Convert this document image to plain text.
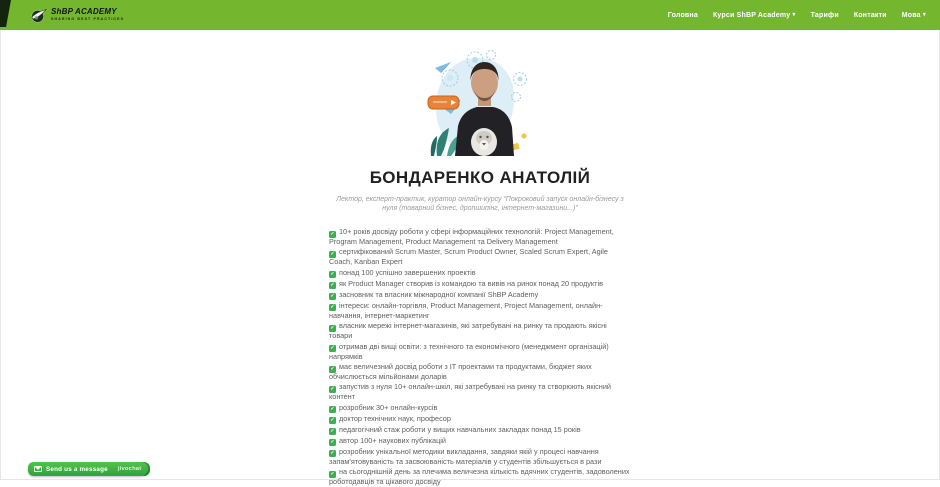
ShBP ACADEMY
SHARING BEST PRACTICES
Головна Курси ShBP Academy ▾ Тарифи Контакти Мова ▾
БОНДАРЕНКО АНАТОЛІЙ
Лектор, експерт-практик, куратор онлайн-курсу “Покроковий запуск онлайн-бізнесу з нуля (товарний бізнес, дропшипінг, інтернет-магазини...)”
✓10+ років досвіду роботи у сфері інформаційних технологій: Project Management, Program Management, Product Management та Delivery Management
✓сертифікований Scrum Master, Scrum Product Owner, Scaled Scrum Expert, Agile Coach, Kanban Expert
✓понад 100 успішно завершених проектів
✓як Product Manager створив із командою та вивів на ринок понад 20 продуктів
✓засновник та власник міжнародної компанії ShBP Academy
✓інтереси: онлайн-торгівля, Product Management, Project Management, онлайн-навчання, інтернет-маркетинг
✓власник мережі інтернет-магазинів, які затребувані на ринку та продають якісні товари
✓отримав дві вищі освіти: з технічного та економічного (менеджмент організацій) напрямків
✓має величезний досвід роботи з ІТ проектами та продуктами, бюджет яких обчислюється мільйонами доларів
✓запустив з нуля 10+ онлайн-шкіл, які затребувані на ринку та створюють якісний контент
✓розробник 30+ онлайн-курсів
✓доктор технічних наук, професор
✓педагогічний стаж роботи у вищих навчальних закладах понад 15 років
✓автор 100+ наукових публікацій
✓розробник унікальної методики викладання, завдяки якій у процесі навчання запам'ятовуваність та засвоюваність матеріалів у студентів збільшується в рази
✓на сьогоднішній день за плечима величезна кількість вдячних студентів, задоволених роботодавців та цікавого досвіду
Send us a message jivochat
